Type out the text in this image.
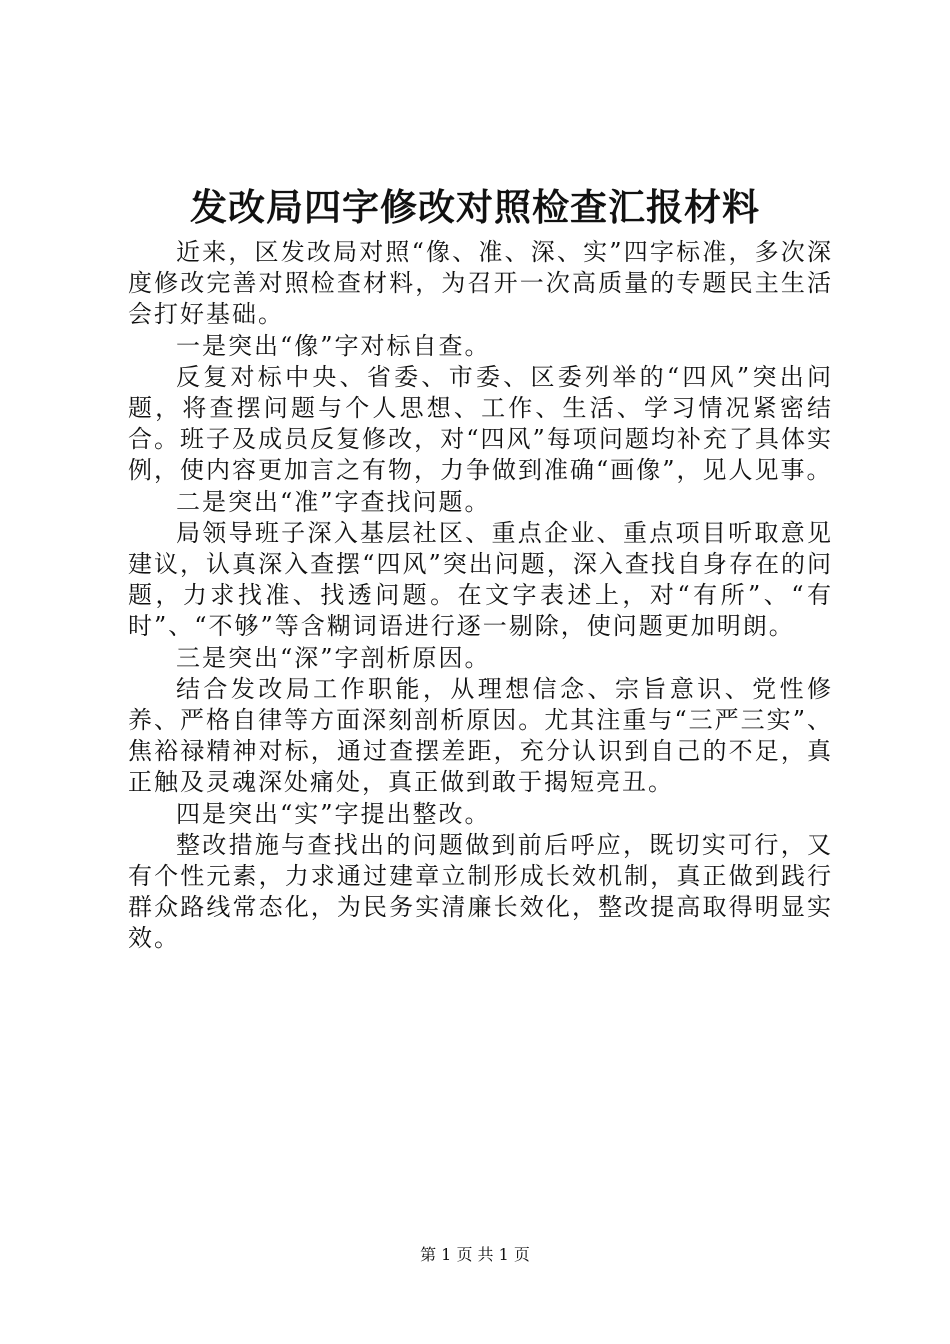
发改局四字修改对照检查汇报材料

近来，区发改局对照“像、准、深、实”四字标准，多次深度修改完善对照检查材料，为召开一次高质量的专题民主生活会打好基础。

一是突出“像”字对标自查。

反复对标中央、省委、市委、区委列举的“四风”突出问题，将查摆问题与个人思想、工作、生活、学习情况紧密结合。班子及成员反复修改，对“四风”每项问题均补充了具体实例，使内容更加言之有物，力争做到准确“画像”，见人见事。

二是突出“准”字查找问题。

局领导班子深入基层社区、重点企业、重点项目听取意见建议，认真深入查摆“四风”突出问题，深入查找自身存在的问题，力求找准、找透问题。在文字表述上，对“有所”、“有时”、“不够”等含糊词语进行逐一剔除，使问题更加明朗。

三是突出“深”字剖析原因。

结合发改局工作职能，从理想信念、宗旨意识、党性修养、严格自律等方面深刻剖析原因。尤其注重与“三严三实”、焦裕禄精神对标，通过查摆差距，充分认识到自己的不足，真正触及灵魂深处痛处，真正做到敢于揭短亮丑。

四是突出“实”字提出整改。

整改措施与查找出的问题做到前后呼应，既切实可行，又有个性元素，力求通过建章立制形成长效机制，真正做到践行群众路线常态化，为民务实清廉长效化，整改提高取得明显实效。

第 1 页 共 1 页
